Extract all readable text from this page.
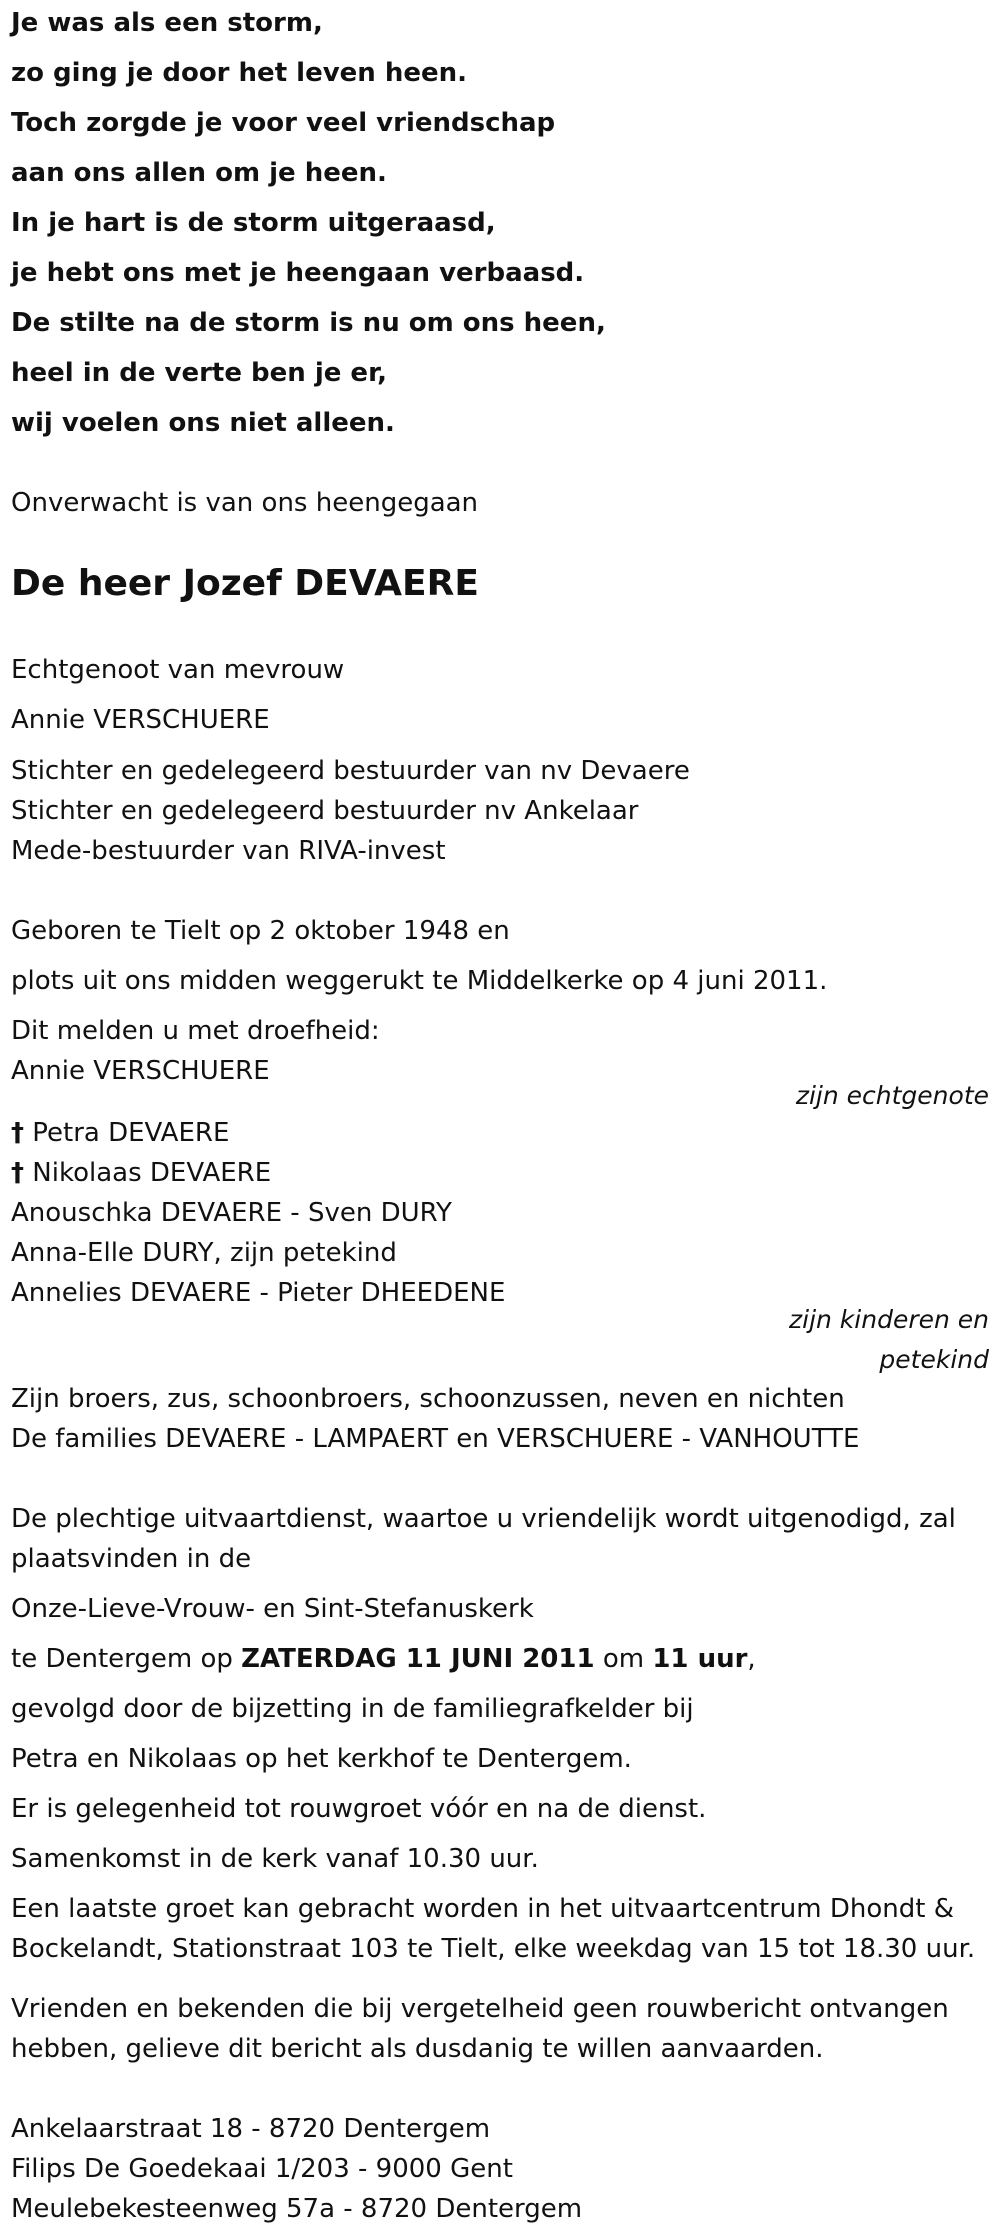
Je was als een storm,
zo ging je door het leven heen.
Toch zorgde je voor veel vriendschap
aan ons allen om je heen.
In je hart is de storm uitgeraasd,
je hebt ons met je heengaan verbaasd.
De stilte na de storm is nu om ons heen,
heel in de verte ben je er,
wij voelen ons niet alleen.
Onverwacht is van ons heengegaan
De heer Jozef DEVAERE
Echtgenoot van mevrouw
Annie VERSCHUERE
Stichter en gedelegeerd bestuurder van nv Devaere
Stichter en gedelegeerd bestuurder nv Ankelaar
Mede-bestuurder van RIVA-invest
Geboren te Tielt op 2 oktober 1948 en
plots uit ons midden weggerukt te Middelkerke op 4 juni 2011.
Dit melden u met droefheid:
Annie VERSCHUERE
zijn echtgenote
† Petra DEVAERE
† Nikolaas DEVAERE
Anouschka DEVAERE - Sven DURY
Anna-Elle DURY, zijn petekind
Annelies DEVAERE - Pieter DHEEDENE
zijn kinderen en
petekind
Zijn broers, zus, schoonbroers, schoonzussen, neven en nichten
De families DEVAERE - LAMPAERT en VERSCHUERE - VANHOUTTE
De plechtige uitvaartdienst, waartoe u vriendelijk wordt uitgenodigd, zal
plaatsvinden in de
Onze-Lieve-Vrouw- en Sint-Stefanuskerk
te Dentergem op ZATERDAG 11 JUNI 2011 om 11 uur,
gevolgd door de bijzetting in de familiegrafkelder bij
Petra en Nikolaas op het kerkhof te Dentergem.
Er is gelegenheid tot rouwgroet vóór en na de dienst.
Samenkomst in de kerk vanaf 10.30 uur.
Een laatste groet kan gebracht worden in het uitvaartcentrum Dhondt &
Bockelandt, Stationstraat 103 te Tielt, elke weekdag van 15 tot 18.30 uur.
Vrienden en bekenden die bij vergetelheid geen rouwbericht ontvangen
hebben, gelieve dit bericht als dusdanig te willen aanvaarden.
Ankelaarstraat 18 - 8720 Dentergem
Filips De Goedekaai 1/203 - 9000 Gent
Meulebekesteenweg 57a - 8720 Dentergem
